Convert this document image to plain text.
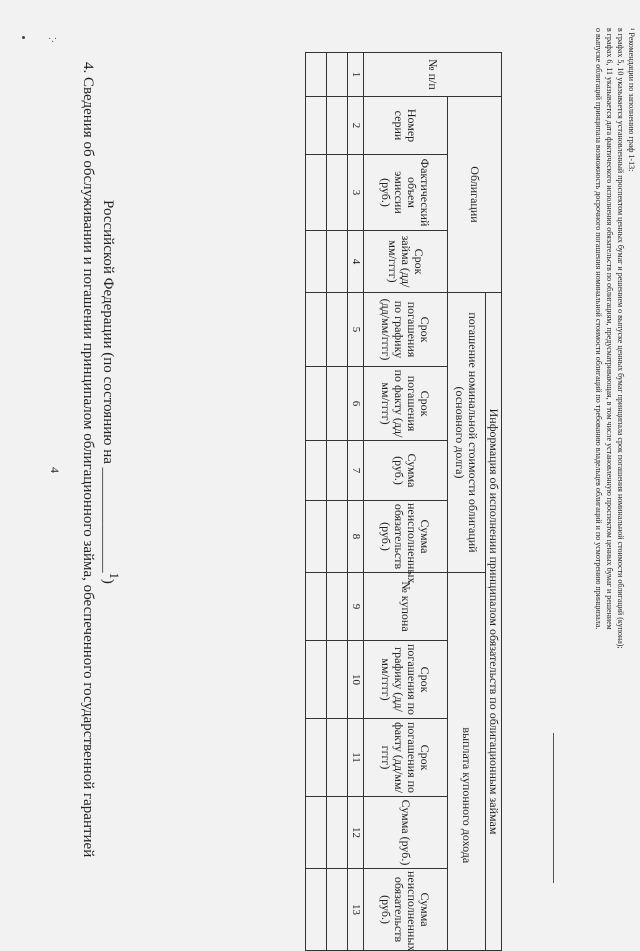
·.·
4 4. Сведения об обслуживании и погашении принципалом облигационного займа, обеспеченного государственной гарантией Российской Федерации (по состоянию на ______________$^1$)
№ п/п	Облигации			Информация об исполнении принципалом обязательств по облигационным займам								
				погашение номинальной стоимости облигаций (основного долга)					выплата купонного дохода			
	Номер серии	Фактический объем эмиссии (руб.)	Срок займа (дд/мм/гггг)	Срок погашения по графику (дд/мм/гггг)	Срок погашения по факту (дд/мм/гггг)	Сумма (руб.)	Сумма неисполненных обязательств (руб.)	№ купона	Срок погашения по графику (дд/мм/гггг)	Срок погашения по факту (дд/мм/гггг)	Сумма (руб.)	Сумма неисполненных обязательств (руб.)
1	2	3	4	5	6	7	8	9	10	11	12	13

¹ Рекомендации по заполнению граф 1-13:
в графах 5, 10 указывается установленный проспектом ценных бумаг и решением о выпуске ценных бумаг принципала срок погашения номинальной стоимости облигаций (купона);
в графах 6, 11 указывается дата фактического исполнения обязательств по облигациям, предусматривающая, в том числе установленную проспектом ценных бумаг и решением
о выпуске облигаций принципала возможность досрочного погашения номинальной стоимости облигаций по требованию владельцев облигаций и по усмотрению принципала.
